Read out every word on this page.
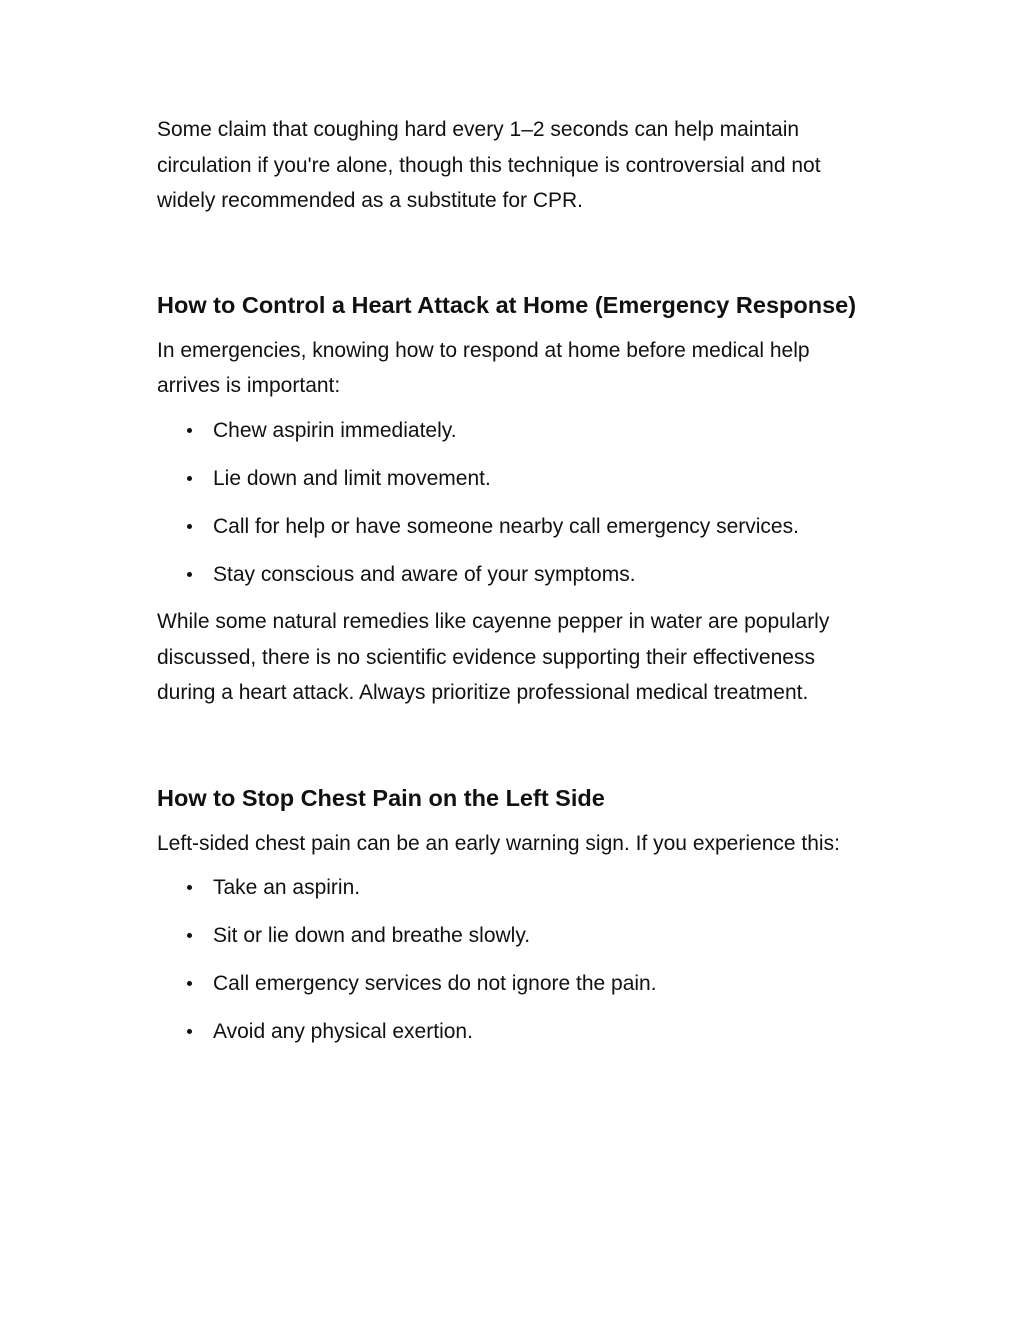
Some claim that coughing hard every 1–2 seconds can help maintain circulation if you're alone, though this technique is controversial and not widely recommended as a substitute for CPR.

How to Control a Heart Attack at Home (Emergency Response)

In emergencies, knowing how to respond at home before medical help arrives is important:

Chew aspirin immediately.
Lie down and limit movement.
Call for help or have someone nearby call emergency services.
Stay conscious and aware of your symptoms.

While some natural remedies like cayenne pepper in water are popularly discussed, there is no scientific evidence supporting their effectiveness during a heart attack. Always prioritize professional medical treatment.

How to Stop Chest Pain on the Left Side

Left-sided chest pain can be an early warning sign. If you experience this:

Take an aspirin.
Sit or lie down and breathe slowly.
Call emergency services do not ignore the pain.
Avoid any physical exertion.
